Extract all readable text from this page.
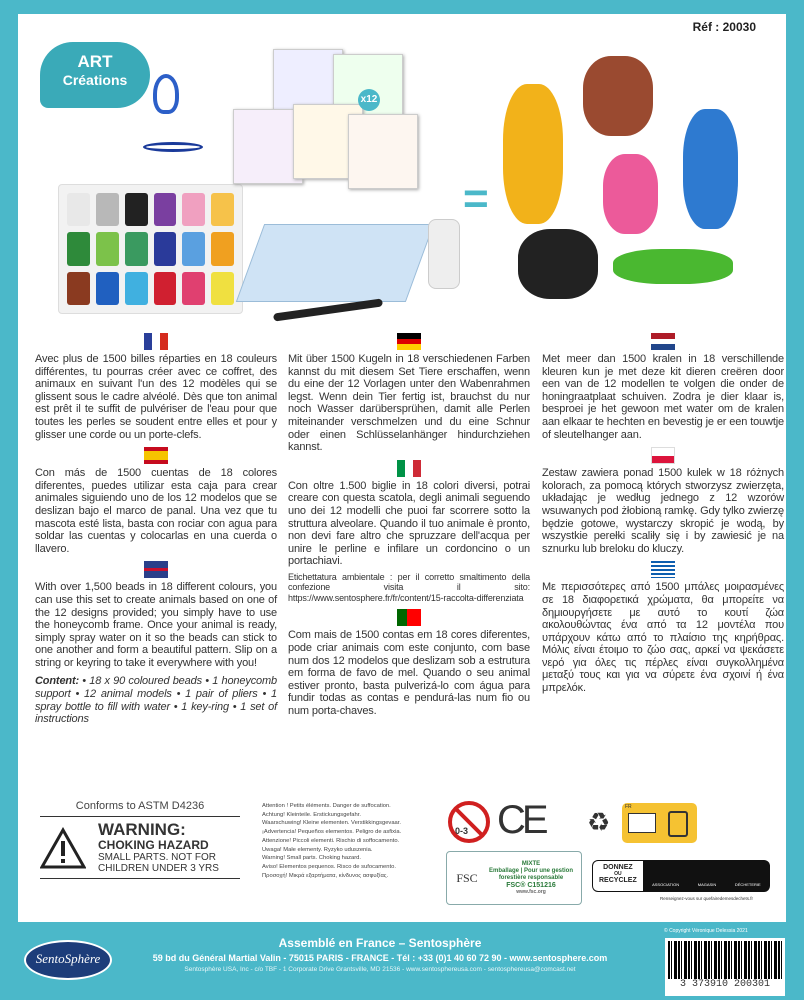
Réf : 20030
ART
Créations
x12
=

Avec plus de 1500 billes réparties en 18 couleurs différentes, tu pourras créer avec ce coffret, des animaux en suivant l'un des 12 modèles qui se glissent sous le cadre alvéolé. Dès que ton animal est prêt il te suffit de pulvériser de l'eau pour que toutes les perles se soudent entre elles et pour y glisser une corde ou un porte-clefs.

Con más de 1500 cuentas de 18 colores diferentes, puedes utilizar esta caja para crear animales siguiendo uno de los 12 modelos que se deslizan bajo el marco de panal. Una vez que tu mascota esté lista, basta con rociar con agua para soldar las cuentas y colocarlas en una cuerda o llavero.

With over 1,500 beads in 18 different colours, you can use this set to create animals based on one of the 12 designs provided; you simply have to use the honeycomb frame. Once your animal is ready, simply spray water on it so the beads can stick to one another and form a beautiful pattern. Slip on a string or keyring to take it everywhere with you!

Content: • 18 x 90 coloured beads • 1 honeycomb support • 12 animal models • 1 pair of pliers • 1 spray bottle to fill with water • 1 key-ring • 1 set of instructions

Mit über 1500 Kugeln in 18 verschiedenen Farben kannst du mit diesem Set Tiere erschaffen, wenn du eine der 12 Vorlagen unter den Wabenrahmen legst. Wenn dein Tier fertig ist, brauchst du nur noch Wasser darübersprühen, damit alle Perlen miteinander verschmelzen und du eine Schnur oder einen Schlüsselanhänger hindurchziehen kannst.

Con oltre 1.500 biglie in 18 colori diversi, potrai creare con questa scatola, degli animali seguendo uno dei 12 modelli che puoi far scorrere sotto la struttura alveolare. Quando il tuo animale è pronto, non devi fare altro che spruzzare dell'acqua per unire le perline e infilare un cordoncino o un portachiavi.

Etichettatura ambientale : per il corretto smaltimento della confezione visita il sito: https://www.sentosphere.fr/fr/content/15-raccolta-differenziata

Com mais de 1500 contas em 18 cores diferentes, pode criar animais com este conjunto, com base num dos 12 modelos que deslizam sob a estrutura em forma de favo de mel. Quando o seu animal estiver pronto, basta pulverizá-lo com água para fundir todas as contas e pendurá-las num fio ou num porta-chaves.

Met meer dan 1500 kralen in 18 verschillende kleuren kun je met deze kit dieren creëren door een van de 12 modellen te volgen die onder de honingraatplaat schuiven. Zodra je dier klaar is, besproei je het gewoon met water om de kralen aan elkaar te hechten en bevestig je er een touwtje of sleutelhanger aan.

Zestaw zawiera ponad 1500 kulek w 18 różnych kolorach, za pomocą których stworzysz zwierzęta, układając je według jednego z 12 wzorów wsuwanych pod żłobioną ramkę. Gdy tylko zwierzę będzie gotowe, wystarczy skropić je wodą, by wszystkie perełki scaliły się i by zawiesić je na sznurku lub breloku do kluczy.

Με περισσότερες από 1500 μπάλες μοιρασμένες σε 18 διαφορετικά χρώματα, θα μπορείτε να δημιουργήσετε με αυτό το κουτί ζώα ακολουθώντας ένα από τα 12 μοντέλα που υπάρχουν κάτω από το πλαίσιο της κηρήθρας. Μόλις είναι έτοιμο το ζώο σας, αρκεί να ψεκάσετε νερό για όλες τις πέρλες είναι συγκολλημένα μεταξύ τους και για να σύρετε ένα σχοινί ή ένα μπρελόκ.

Conforms to ASTM D4236
WARNING:
CHOKING HAZARD
SMALL PARTS. NOT FOR
CHILDREN UNDER 3 YRS
Attention ! Petits éléments. Danger de suffocation.
Achtung! Kleinteile. Erstickungsgefahr.
Waarschuwing! Kleine elementen. Verstikkingsgevaar.
¡Advertencia! Pequeños elementos. Peligro de asfixia.
Attenzione! Piccoli elementi. Rischio di soffocamento.
Uwaga! Małe elementy. Ryzyko uduszenia.
Warning! Small parts. Choking hazard.
Aviso! Elementos pequenos. Risco de sufocamento.
Προσοχή! Μικρά εξαρτήματα, κίνδυνος ασφυξίας.
0-3 CE
FSC
MIXTE
Emballage | Pour une gestion forestière responsable
FSC® C151216
www.fsc.org
♻	FR
DONNEZ
OU
RECYCLEZ	ASSOCIATION	MAGASIN	DÉCHETERIE
Renseignez-vous sur quefairedemesdechets.fr
SentoSphère
Assemblé en France – Sentosphère
59 bd du Général Martial Valin - 75015 PARIS - FRANCE - Tél : +33 (0)1 40 60 72 90 - www.sentosphere.com
Sentosphère USA, Inc - c/o TBF - 1 Corporate Drive Grantsville, MD 21536 - www.sentosphereusa.com - sentosphereusa@comcast.net
© Copyright Véronique Delessia 2021
3 373910 200301
